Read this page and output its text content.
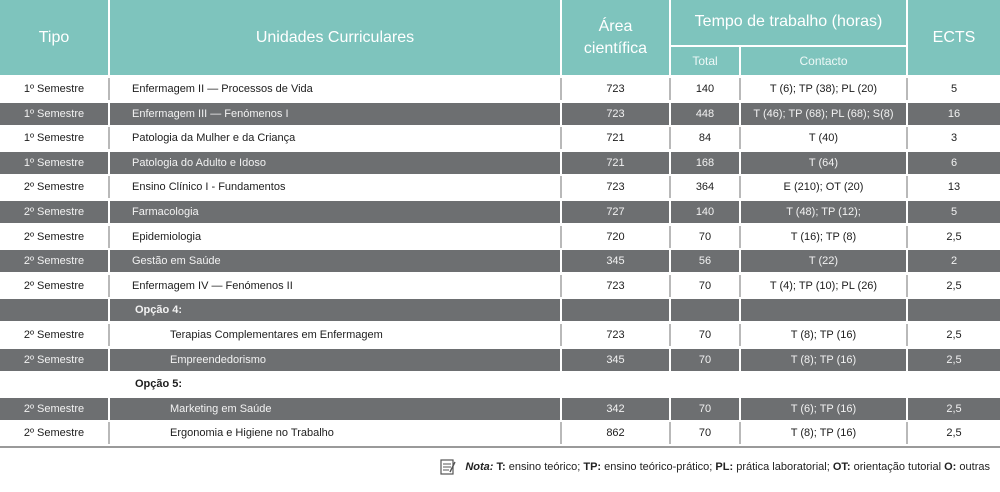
Tipo	Unidades Curriculares
Área
científica
Tempo de trabalho (horas)
Total	Contacto
ECTS
1º Semestre	Enfermagem II — Processos de Vida	723	140	T (6); TP (38); PL (20)	5
1º Semestre	Enfermagem III — Fenómenos I	723	448	T (46); TP (68); PL (68); S(8)	16
1º Semestre	Patologia da Mulher e da Criança	721	84	T (40)	3
1º Semestre	Patologia do Adulto e Idoso	721	168	T (64)	6
2º Semestre	Ensino Clínico I - Fundamentos	723	364	E (210); OT (20)	13
2º Semestre	Farmacologia	727	140	T (48); TP (12);	5
2º Semestre	Epidemiologia	720	70	T (16); TP (8)	2,5
2º Semestre	Gestão em Saúde	345	56	T (22)	2
2º Semestre	Enfermagem IV — Fenómenos II	723	70	T (4); TP (10); PL (26)	2,5
Opção 4:
2º Semestre	Terapias Complementares em Enfermagem	723	70	T (8); TP (16)	2,5
2º Semestre	Empreendedorismo	345	70	T (8); TP (16)	2,5
Opção 5:
2º Semestre	Marketing em Saúde	342	70	T (6); TP (16)	2,5
2º Semestre	Ergonomia e Higiene no Trabalho	862	70	T (8); TP (16)	2,5
Nota: T: ensino teórico; TP: ensino teórico-prático; PL: prática laboratorial; OT: orientação tutorial O: outras
